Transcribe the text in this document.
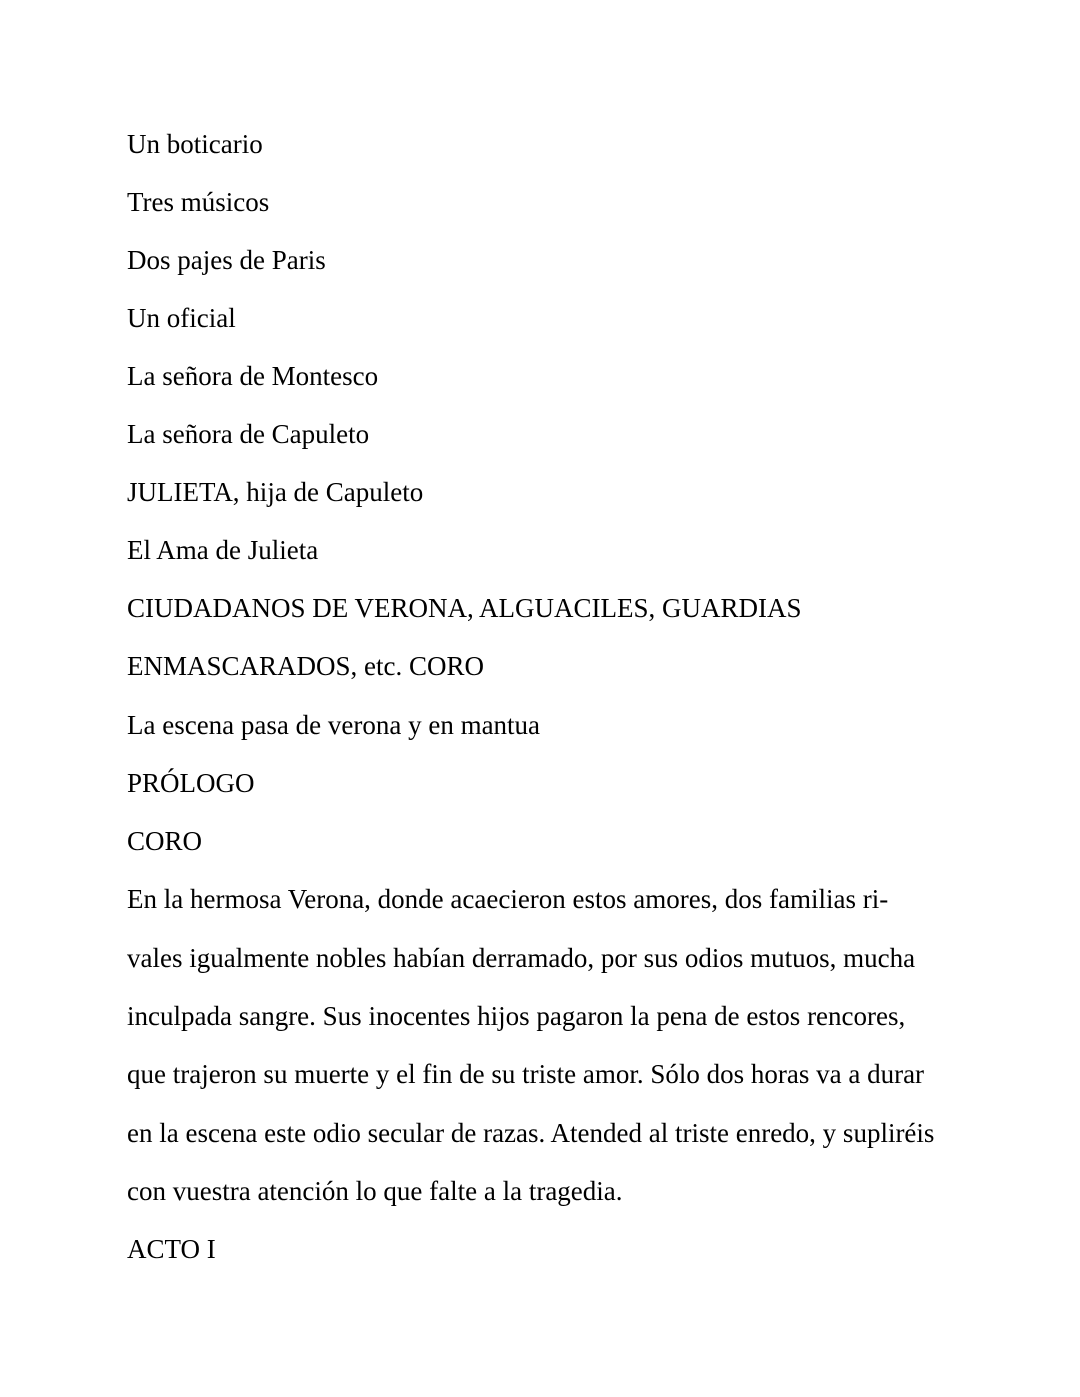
Un boticario

Tres músicos

Dos pajes de Paris

Un oficial

La señora de Montesco

La señora de Capuleto

JULIETA, hija de Capuleto

El Ama de Julieta

CIUDADANOS DE VERONA, ALGUACILES, GUARDIAS

ENMASCARADOS, etc. CORO

La escena pasa de verona y en mantua

PRÓLOGO

CORO

En la hermosa Verona, donde acaecieron estos amores, dos familias ri-

vales igualmente nobles habían derramado, por sus odios mutuos, mucha

inculpada sangre. Sus inocentes hijos pagaron la pena de estos rencores,

que trajeron su muerte y el fin de su triste amor. Sólo dos horas va a durar

en la escena este odio secular de razas. Atended al triste enredo, y supliréis

con vuestra atención lo que falte a la tragedia.

ACTO I
